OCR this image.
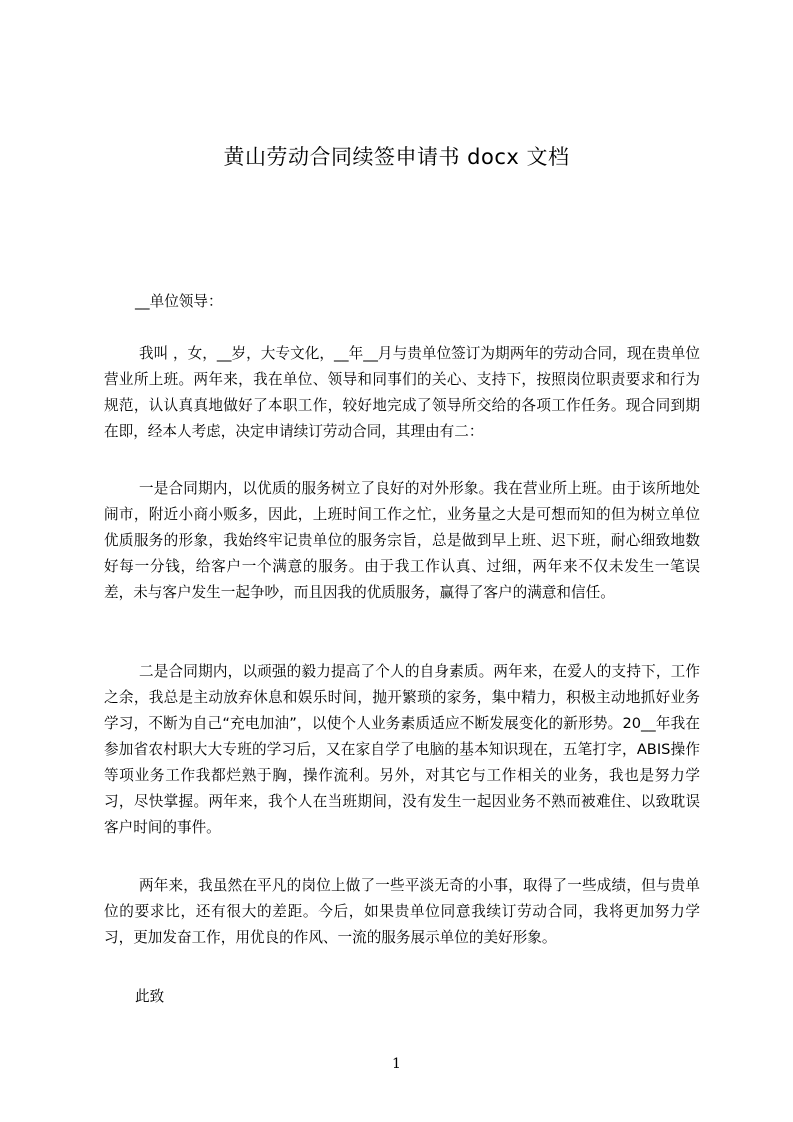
黄山劳动合同续签申请书 docx 文档
__单位领导：
我叫 ，女，__岁，大专文化，__年__月与贵单位签订为期两年的劳动合同，现在贵单位营业所上班。两年来，我在单位、领导和同事们的关心、支持下，按照岗位职责要求和行为规范，认认真真地做好了本职工作，较好地完成了领导所交给的各项工作任务。现合同到期在即，经本人考虑，决定申请续订劳动合同，其理由有二：
一是合同期内，以优质的服务树立了良好的对外形象。我在营业所上班。由于该所地处闹市，附近小商小贩多，因此，上班时间工作之忙，业务量之大是可想而知的但为树立单位优质服务的形象，我始终牢记贵单位的服务宗旨，总是做到早上班、迟下班，耐心细致地数好每一分钱，给客户一个满意的服务。由于我工作认真、过细，两年来不仅未发生一笔误差，未与客户发生一起争吵，而且因我的优质服务，赢得了客户的满意和信任。
二是合同期内，以顽强的毅力提高了个人的自身素质。两年来，在爱人的支持下，工作之余，我总是主动放弃休息和娱乐时间，抛开繁琐的家务，集中精力，积极主动地抓好业务学习，不断为自己“充电加油”，以使个人业务素质适应不断发展变化的新形势。20__年我在参加省农村职大大专班的学习后，又在家自学了电脑的基本知识现在，五笔打字，ABIS操作等项业务工作我都烂熟于胸，操作流利。另外，对其它与工作相关的业务，我也是努力学习，尽快掌握。两年来，我个人在当班期间，没有发生一起因业务不熟而被难住、以致耽误客户时间的事件。
两年来，我虽然在平凡的岗位上做了一些平淡无奇的小事，取得了一些成绩，但与贵单位的要求比，还有很大的差距。今后，如果贵单位同意我续订劳动合同，我将更加努力学习，更加发奋工作，用优良的作风、一流的服务展示单位的美好形象。
此致
1
